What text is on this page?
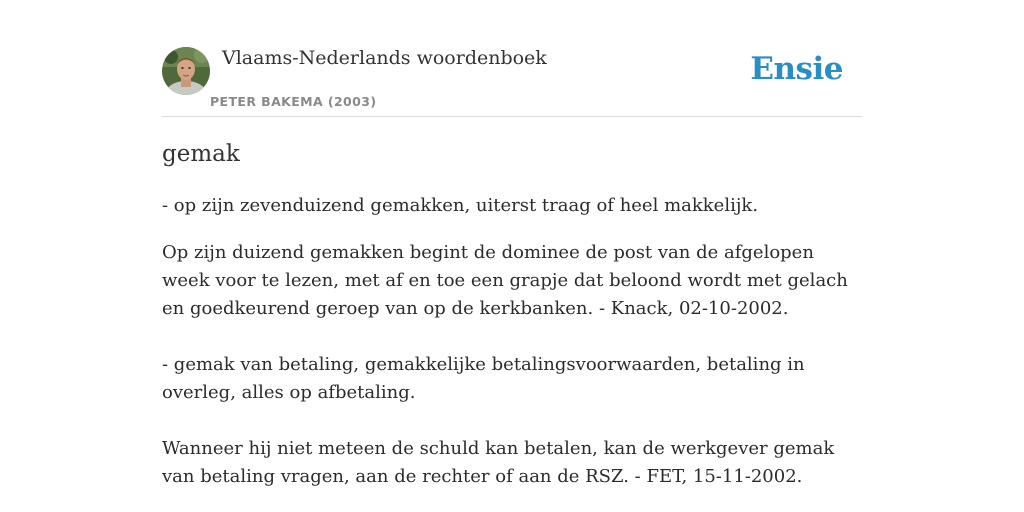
Vlaams-Nederlands woordenboek
PETER BAKEMA (2003)
Ensie
gemak

- op zijn zevenduizend gemakken, uiterst traag of heel makkelijk.

Op zijn duizend gemakken begint de dominee de post van de afgelopen week voor te lezen, met af en toe een grapje dat beloond wordt met gelach en goedkeurend geroep van op de kerkbanken. - Knack, 02-10-2002.

- gemak van betaling, gemakkelijke betalingsvoorwaarden, betaling in overleg, alles op afbetaling.

Wanneer hij niet meteen de schuld kan betalen, kan de werkgever gemak van betaling vragen, aan de rechter of aan de RSZ. - FET, 15-11-2002.
